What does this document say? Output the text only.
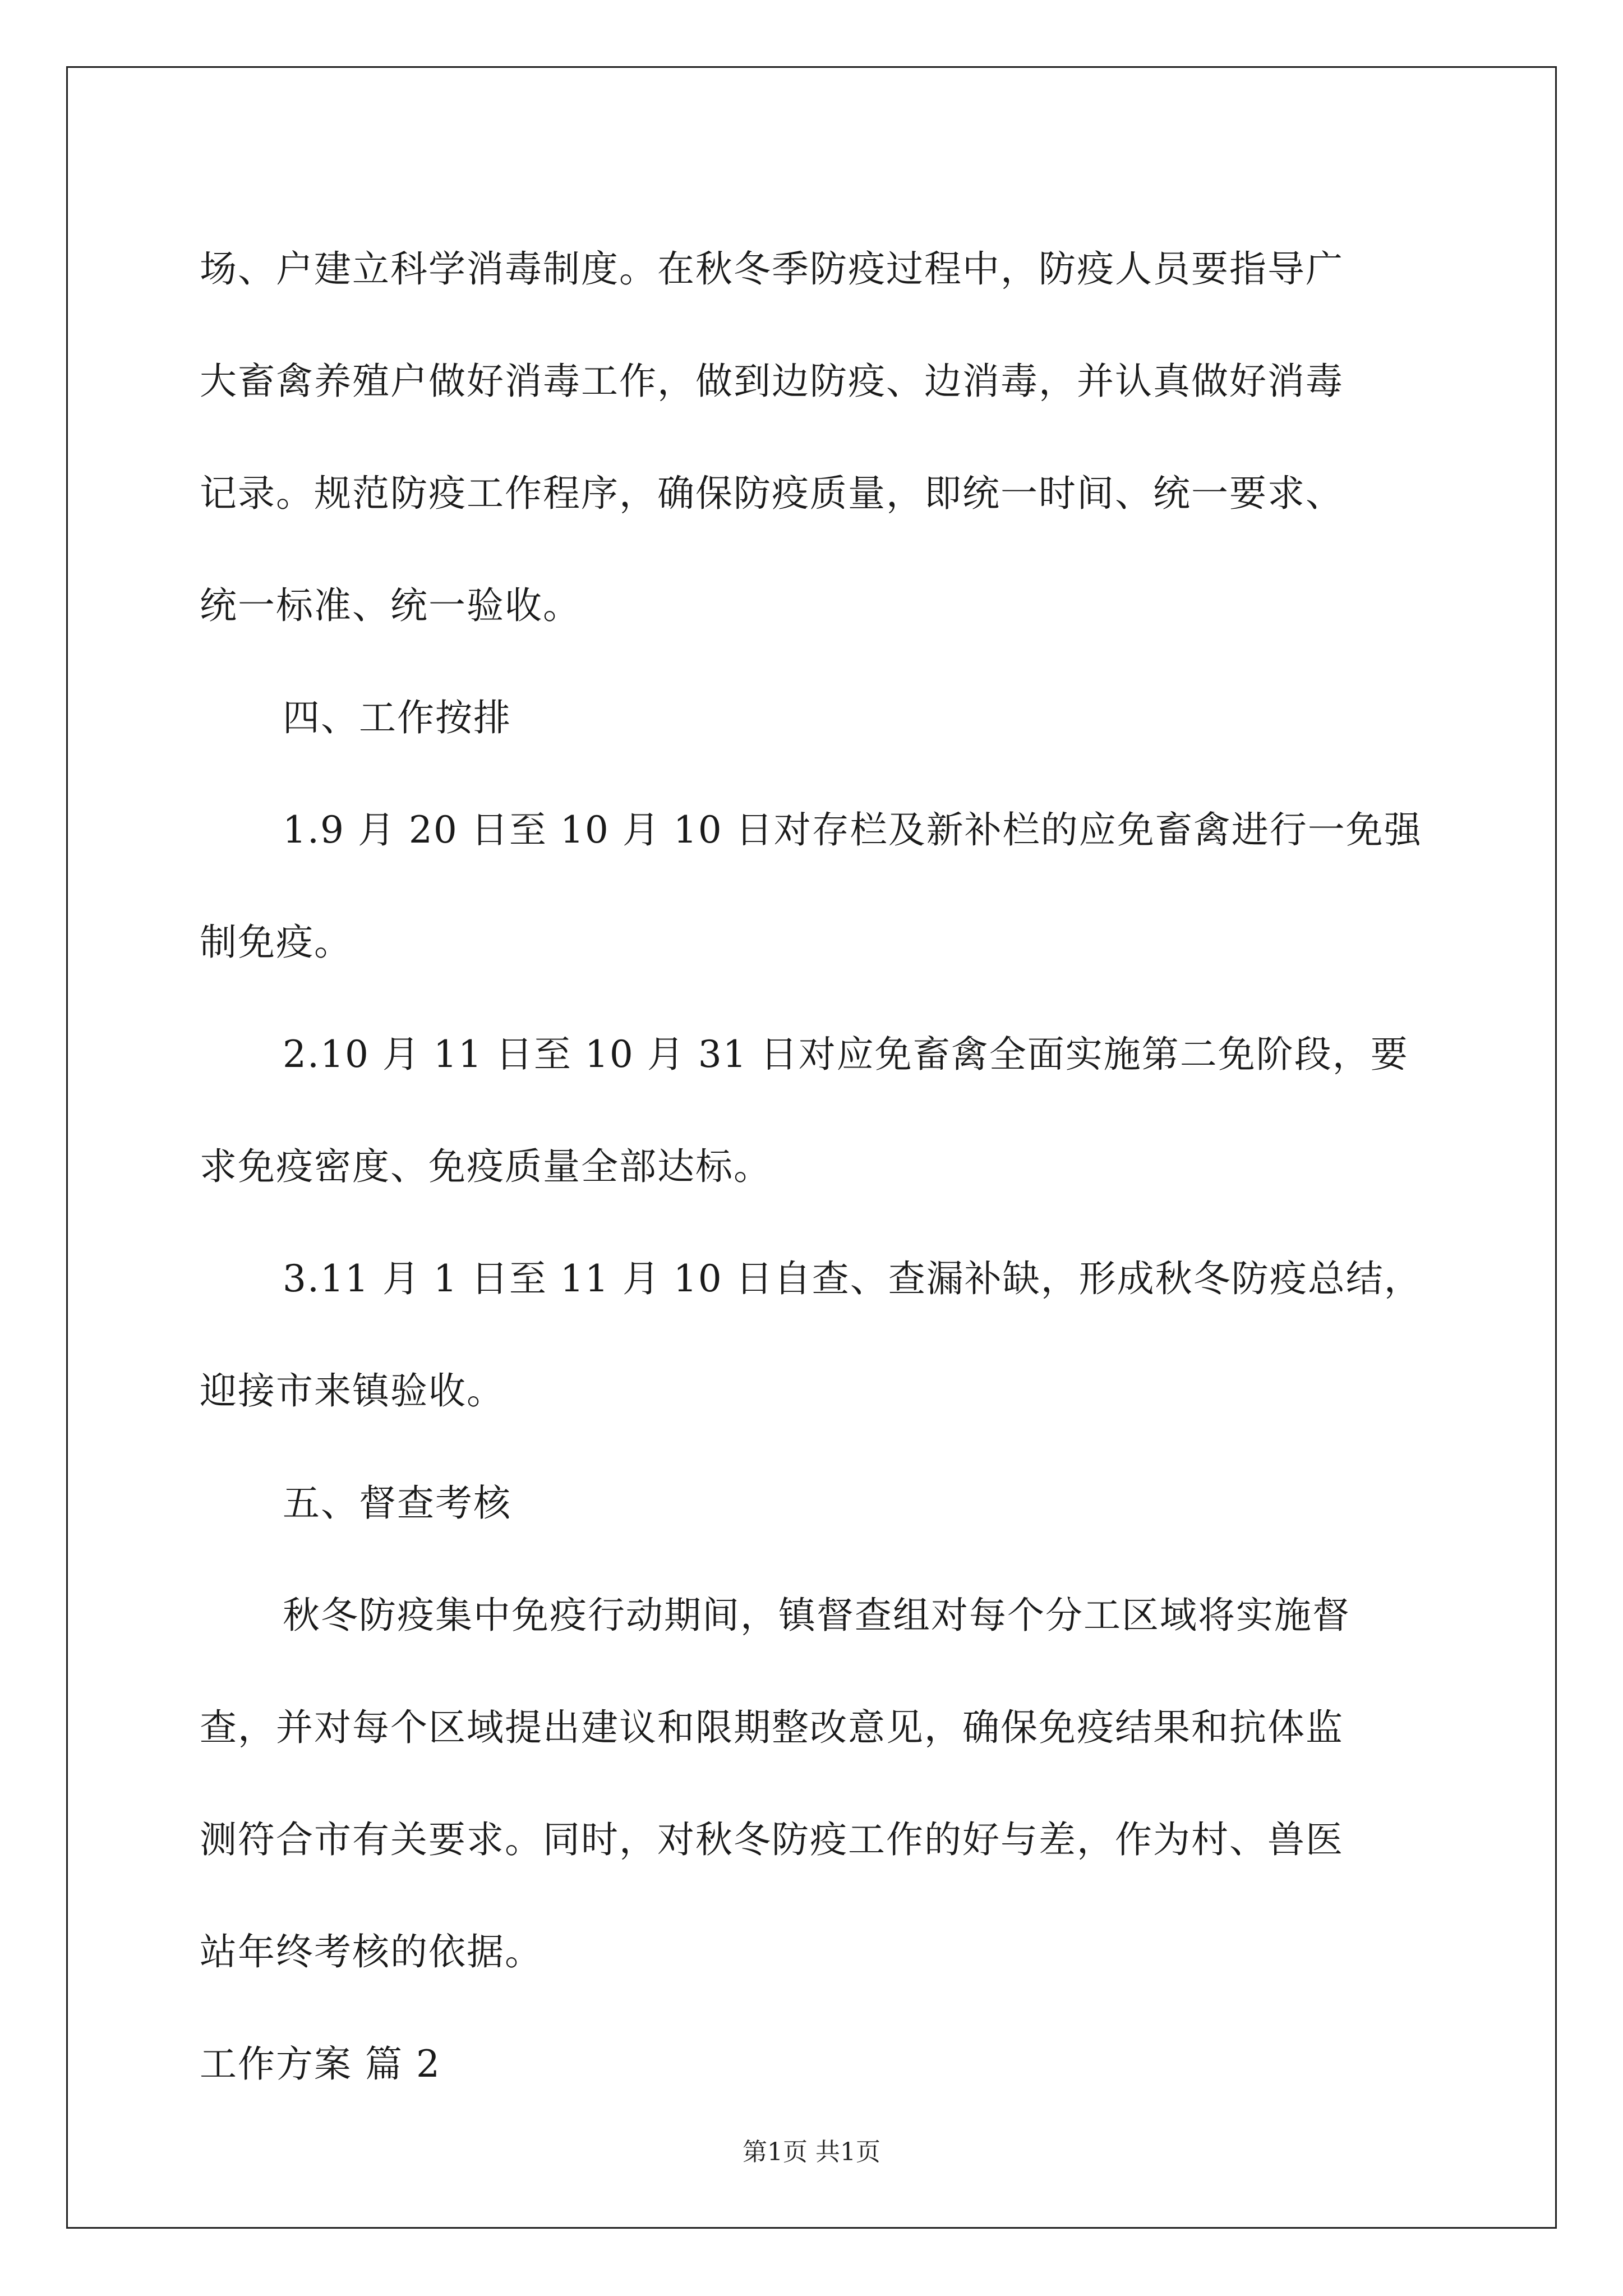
场、户建立科学消毒制度。在秋冬季防疫过程中，防疫人员要指导广
大畜禽养殖户做好消毒工作，做到边防疫、边消毒，并认真做好消毒
记录。规范防疫工作程序，确保防疫质量，即统一时间、统一要求、
统一标准、统一验收。
四、工作按排
1.9 月 20 日至 10 月 10 日对存栏及新补栏的应免畜禽进行一免强
制免疫。
2.10 月 11 日至 10 月 31 日对应免畜禽全面实施第二免阶段，要
求免疫密度、免疫质量全部达标。
3.11 月 1 日至 11 月 10 日自查、查漏补缺，形成秋冬防疫总结，
迎接市来镇验收。
五、督查考核
秋冬防疫集中免疫行动期间，镇督查组对每个分工区域将实施督
查，并对每个区域提出建议和限期整改意见，确保免疫结果和抗体监
测符合市有关要求。同时，对秋冬防疫工作的好与差，作为村、兽医
站年终考核的依据。
工作方案 篇 2
第1页 共1页
